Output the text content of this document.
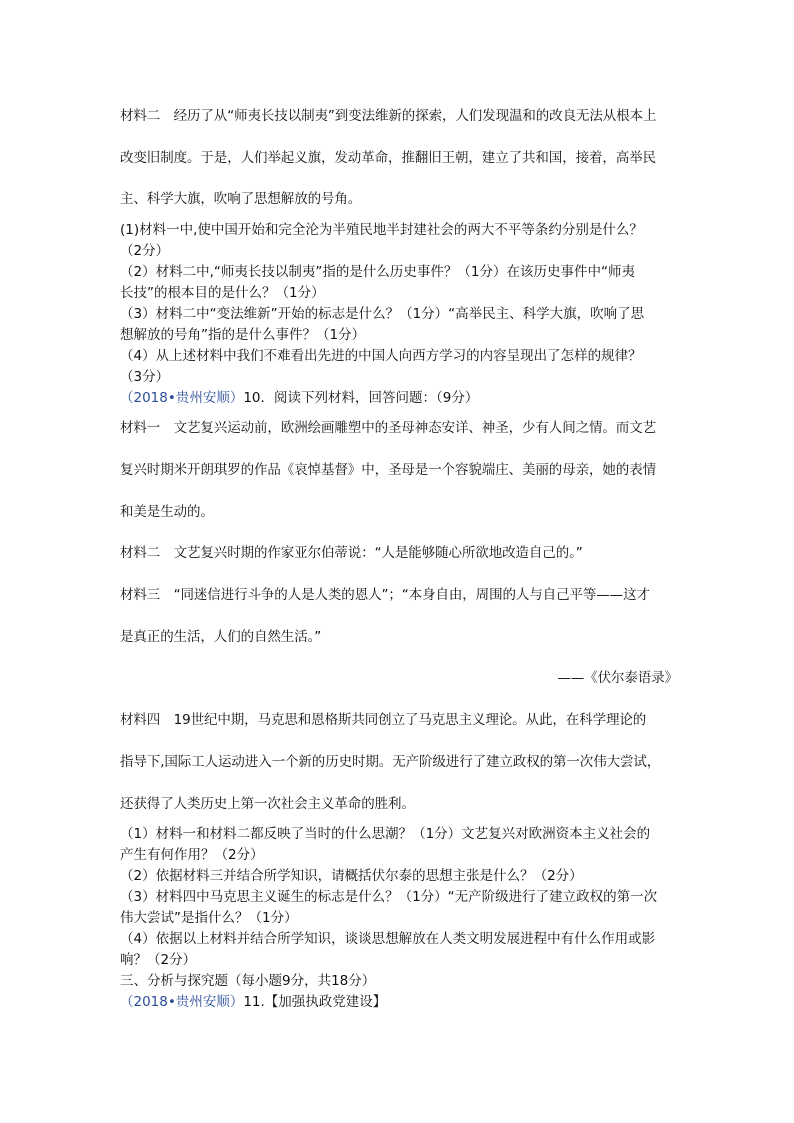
材料二　经历了从“师夷长技以制夷”到变法维新的探索，人们发现温和的改良无法从根本上
改变旧制度。于是，人们举起义旗，发动革命，推翻旧王朝，建立了共和国，接着，高举民
主、科学大旗，吹响了思想解放的号角。
(1)材料一中,使中国开始和完全沦为半殖民地半封建社会的两大不平等条约分别是什么？
（2分）
（2）材料二中,“师夷长技以制夷”指的是什么历史事件？（1分）在该历史事件中“师夷
长技”的根本目的是什么？（1分）
（3）材料二中“变法维新”开始的标志是什么？（1分）“高举民主、科学大旗，吹响了思
想解放的号角”指的是什么事件？（1分）
（4）从上述材料中我们不难看出先进的中国人向西方学习的内容呈现出了怎样的规律？
（3分）
（2018•贵州安顺）10．阅读下列材料，回答问题：（9分）
材料一　文艺复兴运动前，欧洲绘画雕塑中的圣母神态安详、神圣，少有人间之情。而文艺
复兴时期米开朗琪罗的作品《哀悼基督》中，圣母是一个容貌端庄、美丽的母亲，她的表情
和美是生动的。
材料二　文艺复兴时期的作家亚尔伯蒂说：“人是能够随心所欲地改造自己的。”
材料三　“同迷信进行斗争的人是人类的恩人”；“本身自由，周围的人与自己平等——这才
是真正的生活，人们的自然生活。”
——《伏尔泰语录》
材料四　19世纪中期，马克思和恩格斯共同创立了马克思主义理论。从此，在科学理论的
指导下,国际工人运动进入一个新的历史时期。无产阶级进行了建立政权的第一次伟大尝试，
还获得了人类历史上第一次社会主义革命的胜利。
（1）材料一和材料二都反映了当时的什么思潮？（1分）文艺复兴对欧洲资本主义社会的
产生有何作用？（2分）
（2）依据材料三并结合所学知识，请概括伏尔泰的思想主张是什么？（2分）
（3）材料四中马克思主义诞生的标志是什么？（1分）“无产阶级进行了建立政权的第一次
伟大尝试”是指什么？（1分）
（4）依据以上材料并结合所学知识，谈谈思想解放在人类文明发展进程中有什么作用或影
响？（2分）
三、分析与探究题（每小题9分，共18分）
（2018•贵州安顺）11.【加强执政党建设】
